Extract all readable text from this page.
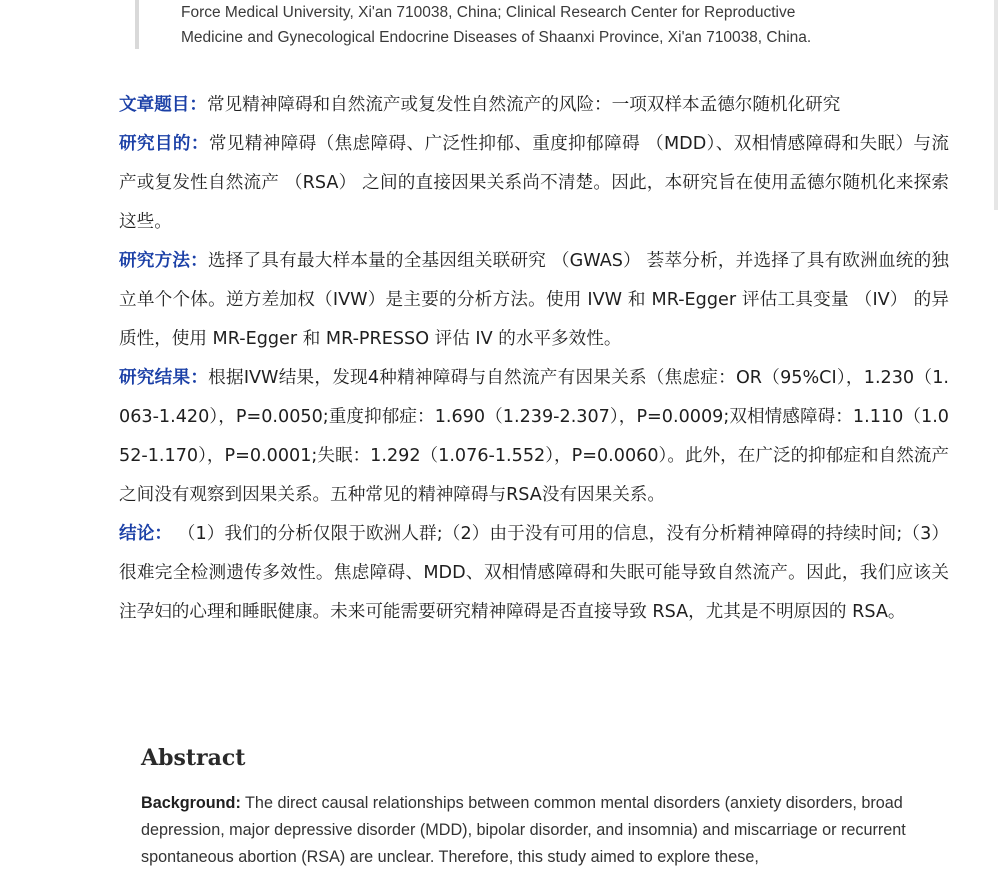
Force Medical University, Xi'an 710038, China; Clinical Research Center for Reproductive
Medicine and Gynecological Endocrine Diseases of Shaanxi Province, Xi'an 710038, China.

文章题目：常见精神障碍和自然流产或复发性自然流产的风险：一项双样本孟德尔随机化研究

研究目的：常见精神障碍（焦虑障碍、广泛性抑郁、重度抑郁障碍 （MDD）、双相情感障碍和失眠）与流产或复发性自然流产 （RSA） 之间的直接因果关系尚不清楚。因此，本研究旨在使用孟德尔随机化来探索这些。

研究方法：选择了具有最大样本量的全基因组关联研究 （GWAS） 荟萃分析，并选择了具有欧洲血统的独立单个个体。逆方差加权（IVW）是主要的分析方法。使用 IVW 和 MR-Egger 评估工具变量 （IV） 的异质性，使用 MR-Egger 和 MR-PRESSO 评估 IV 的水平多效性。

研究结果：根据IVW结果，发现4种精神障碍与自然流产有因果关系（焦虑症：OR（95%CI），1.230（1.063-1.420），P=0.0050;重度抑郁症：1.690（1.239-2.307），P=0.0009;双相情感障碍：1.110（1.052-1.170），P=0.0001;失眠：1.292（1.076-1.552），P=0.0060）。此外，在广泛的抑郁症和自然流产之间没有观察到因果关系。五种常见的精神障碍与RSA没有因果关系。

结论： （1）我们的分析仅限于欧洲人群;（2）由于没有可用的信息，没有分析精神障碍的持续时间;（3）很难完全检测遗传多效性。焦虑障碍、MDD、双相情感障碍和失眠可能导致自然流产。因此，我们应该关注孕妇的心理和睡眠健康。未来可能需要研究精神障碍是否直接导致 RSA，尤其是不明原因的 RSA。

Abstract

Background: The direct causal relationships between common mental disorders (anxiety disorders, broad depression, major depressive disorder (MDD), bipolar disorder, and insomnia) and miscarriage or recurrent spontaneous abortion (RSA) are unclear. Therefore, this study aimed to explore these,
